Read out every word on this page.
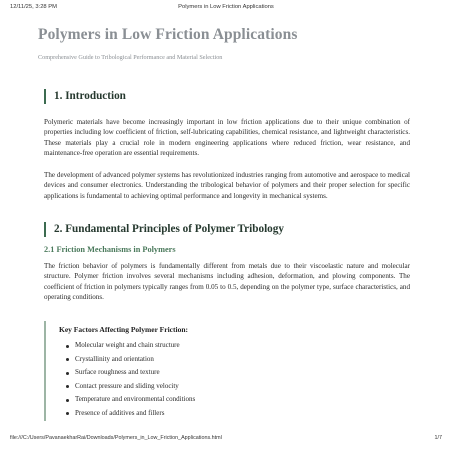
12/11/25, 3:28 PM	Polymers in Low Friction Applications
Polymers in Low Friction Applications

Comprehensive Guide to Tribological Performance and Material Selection

1. Introduction

Polymeric materials have become increasingly important in low friction applications due to their unique combination of properties including low coefficient of friction, self-lubricating capabilities, chemical resistance, and lightweight characteristics. These materials play a crucial role in modern engineering applications where reduced friction, wear resistance, and maintenance-free operation are essential requirements.

The development of advanced polymer systems has revolutionized industries ranging from automotive and aerospace to medical devices and consumer electronics. Understanding the tribological behavior of polymers and their proper selection for specific applications is fundamental to achieving optimal performance and longevity in mechanical systems.

2. Fundamental Principles of Polymer Tribology
2.1 Friction Mechanisms in Polymers

The friction behavior of polymers is fundamentally different from metals due to their viscoelastic nature and molecular structure. Polymer friction involves several mechanisms including adhesion, deformation, and plowing components. The coefficient of friction in polymers typically ranges from 0.05 to 0.5, depending on the polymer type, surface characteristics, and operating conditions.

Key Factors Affecting Polymer Friction:

Molecular weight and chain structure
Crystallinity and orientation
Surface roughness and texture
Contact pressure and sliding velocity
Temperature and environmental conditions
Presence of additives and fillers
file:///C:/Users/PavanaekharRai/Downloads/Polymers_in_Low_Friction_Applications.html	1/7
